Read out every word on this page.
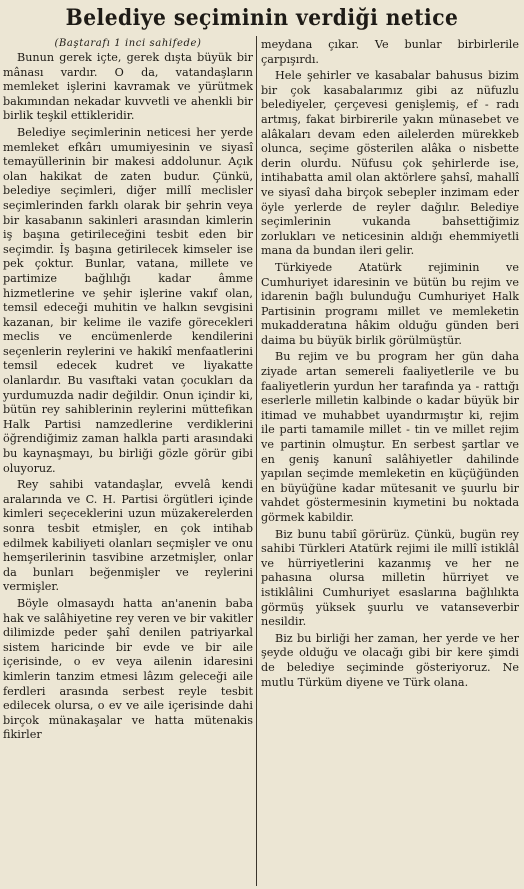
Belediye seçiminin verdiği netice
(Baştarafı 1 inci sahifede)

Bunun gerek içte, gerek dışta büyük bir mânası vardır. O da, vatandaşların memleket işlerini kavramak ve yürütmek bakımından nekadar kuvvetli ve ahenkli bir birlik teşkil ettikleridir.

Belediye seçimlerinin neticesi her yerde memleket efkârı umumiyesinin ve siyasî temayüllerinin bir makesi addolunur. Açık olan hakikat de zaten budur. Çünkü, belediye seçimleri, diğer millî meclisler seçimlerinden farklı olarak bir şehrin veya bir kasabanın sakinleri arasından kimlerin iş başına getirileceğini tesbit eden bir seçimdir. İş başına getirilecek kimseler ise pek çoktur. Bunlar, vatana, millete ve partimize bağlılığı kadar âmme hizmetlerine ve şehir işlerine vakıf olan, temsil edeceği muhitin ve halkın sevgisini kazanan, bir kelime ile vazife görecekleri meclis ve encümenlerde kendilerini seçenlerin reylerini ve hakikî menfaatlerini temsil edecek kudret ve liyakatte olanlardır. Bu vasıftaki vatan çocukları da yurdumuzda nadir değildir. Onun içindir ki, bütün rey sahiblerinin reylerini müttefikan Halk Partisi namzedlerine verdiklerini öğrendiğimiz zaman halkla parti arasındaki bu kaynaşmayı, bu birliği gözle görür gibi oluyoruz.

Rey sahibi vatandaşlar, evvelâ kendi aralarında ve C. H. Partisi örgütleri içinde kimleri seçeceklerini uzun müzakerelerden sonra tesbit etmişler, en çok intihab edilmek kabiliyeti olanları seçmişler ve onu hemşerilerinin tasvibine arzetmişler, onlar da bunları beğenmişler ve reylerini vermişler.

Böyle olmasaydı hatta an'anenin baba hak ve salâhiyetine rey veren ve bir vakitler dilimizde peder şahî denilen patriyarkal sistem haricinde bir evde ve bir aile içerisinde, o ev veya ailenin idaresini kimlerin tanzim etmesi lâzım geleceği aile ferdleri arasında serbest reyle tesbit edilecek olursa, o ev ve aile içerisinde dahi birçok münakaşalar ve hatta mütenakis fikirler

meydana çıkar. Ve bunlar birbirlerile çarpışırdı.

Hele şehirler ve kasabalar bahusus bizim bir çok kasabalarımız gibi az nüfuzlu belediyeler, çerçevesi genişlemiş, ef - radı artmış, fakat birbirerile yakın münasebet ve alâkaları devam eden ailelerden mürekkeb olunca, seçime gösterilen alâka o nisbette derin olurdu. Nüfusu çok şehirlerde ise, intihabatta amil olan aktörlere şahsî, mahallî ve siyasî daha birçok sebepler inzimam eder öyle yerlerde de reyler dağılır. Belediye seçimlerinin vukanda bahsettiğimiz zorlukları ve neticesinin aldığı ehemmiyetli mana da bundan ileri gelir.

Türkiyede Atatürk rejiminin ve Cumhuriyet idaresinin ve bütün bu rejim ve idarenin bağlı bulunduğu Cumhuriyet Halk Partisinin programı millet ve memleketin mukadderatına hâkim olduğu günden beri daima bu büyük birlik görülmüştür.

Bu rejim ve bu program her gün daha ziyade artan semereli faaliyetlerile ve bu faaliyetlerin yurdun her tarafında ya - rattığı eserlerle milletin kalbinde o kadar büyük bir itimad ve muhabbet uyandırmıştır ki, rejim ile parti tamamile millet - tin ve millet rejim ve partinin olmuştur. En serbest şartlar ve en geniş kanunî salâhiyetler dahilinde yapılan seçimde memleketin en küçüğünden en büyüğüne kadar mütesanit ve şuurlu bir vahdet göstermesinin kıymetini bu noktada görmek kabildir.

Biz bunu tabiî görürüz. Çünkü, bugün rey sahibi Türkleri Atatürk rejimi ile millî istiklâl ve hürriyetlerini kazanmış ve her ne pahasına olursa milletin hürriyet ve istiklâlini Cumhuriyet esaslarına bağlılıkta görmüş yüksek şuurlu ve vatanseverbir nesildir.

Biz bu birliği her zaman, her yerde ve her şeyde olduğu ve olacağı gibi bir kere şimdi de belediye seçiminde gösteriyoruz. Ne mutlu Türküm diyene ve Türk olana.
